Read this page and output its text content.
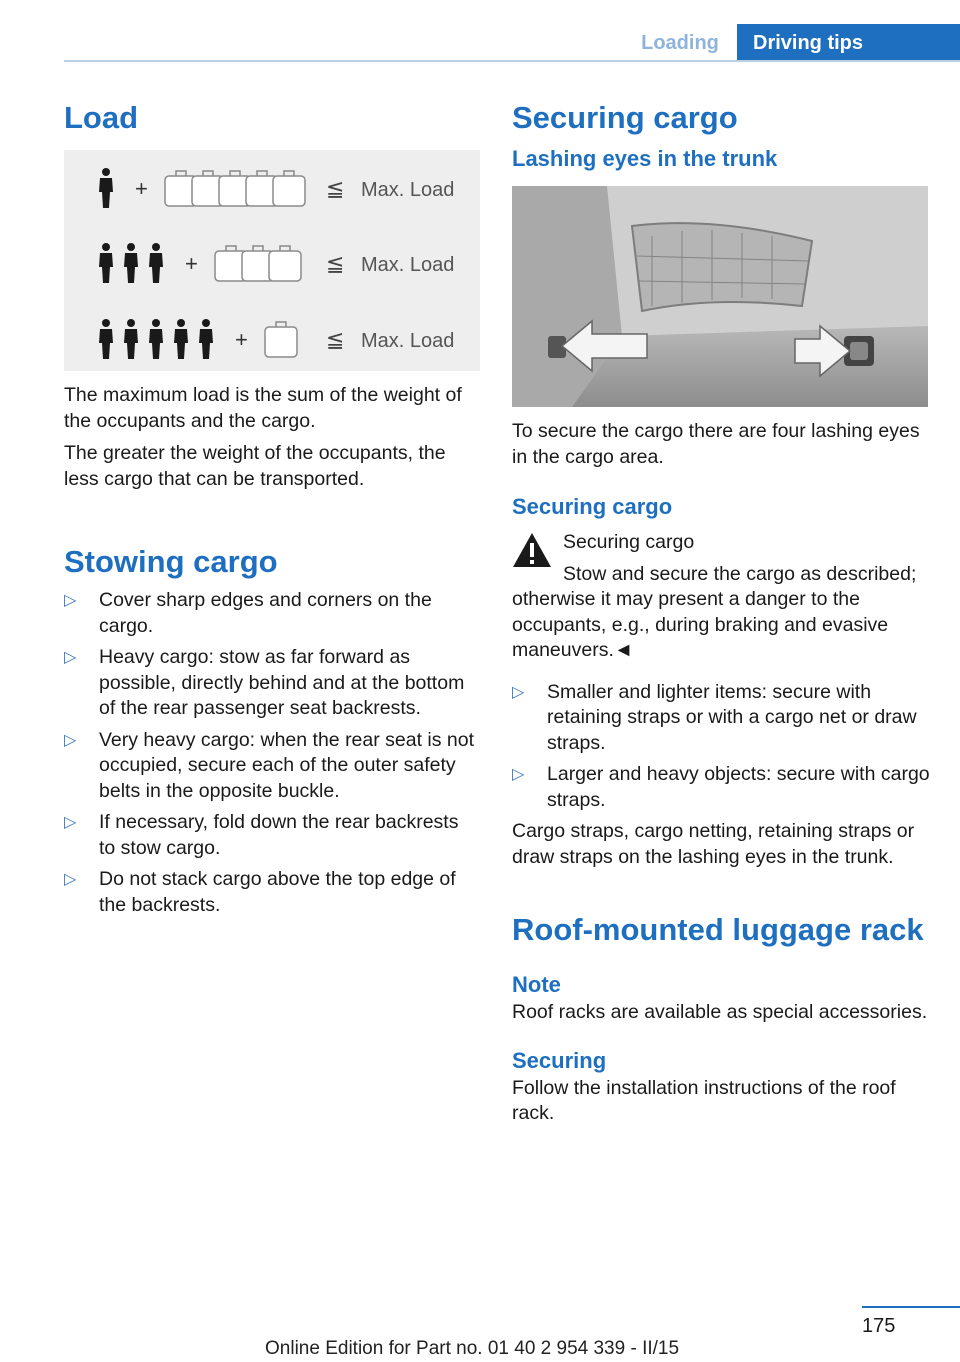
Loading	Driving tips
Load
+	≦ Max. Load
+	≦ Max. Load
+	≦ Max. Load

The maximum load is the sum of the weight of the occupants and the cargo.

The greater the weight of the occupants, the less cargo that can be transported.

Stowing cargo
▷ Cover sharp edges and corners on the cargo.
▷ Heavy cargo: stow as far forward as possible, directly behind and at the bottom of the rear passenger seat backrests.
▷ Very heavy cargo: when the rear seat is not occupied, secure each of the outer safety belts in the opposite buckle.
▷ If necessary, fold down the rear backrests to stow cargo.
▷ Do not stack cargo above the top edge of the backrests.
Securing cargo
Lashing eyes in the trunk

To secure the cargo there are four lashing eyes in the cargo area.

Securing cargo

Securing cargo

Stow and secure the cargo as described; otherwise it may present a danger to the occupants, e.g., during braking and evasive maneuvers.◄

▷ Smaller and lighter items: secure with retaining straps or with a cargo net or draw straps.
▷ Larger and heavy objects: secure with cargo straps.

Cargo straps, cargo netting, retaining straps or draw straps on the lashing eyes in the trunk.

Roof-mounted luggage rack
Note

Roof racks are available as special accessories.

Securing

Follow the installation instructions of the roof rack.

175
Online Edition for Part no. 01 40 2 954 339 - II/15
